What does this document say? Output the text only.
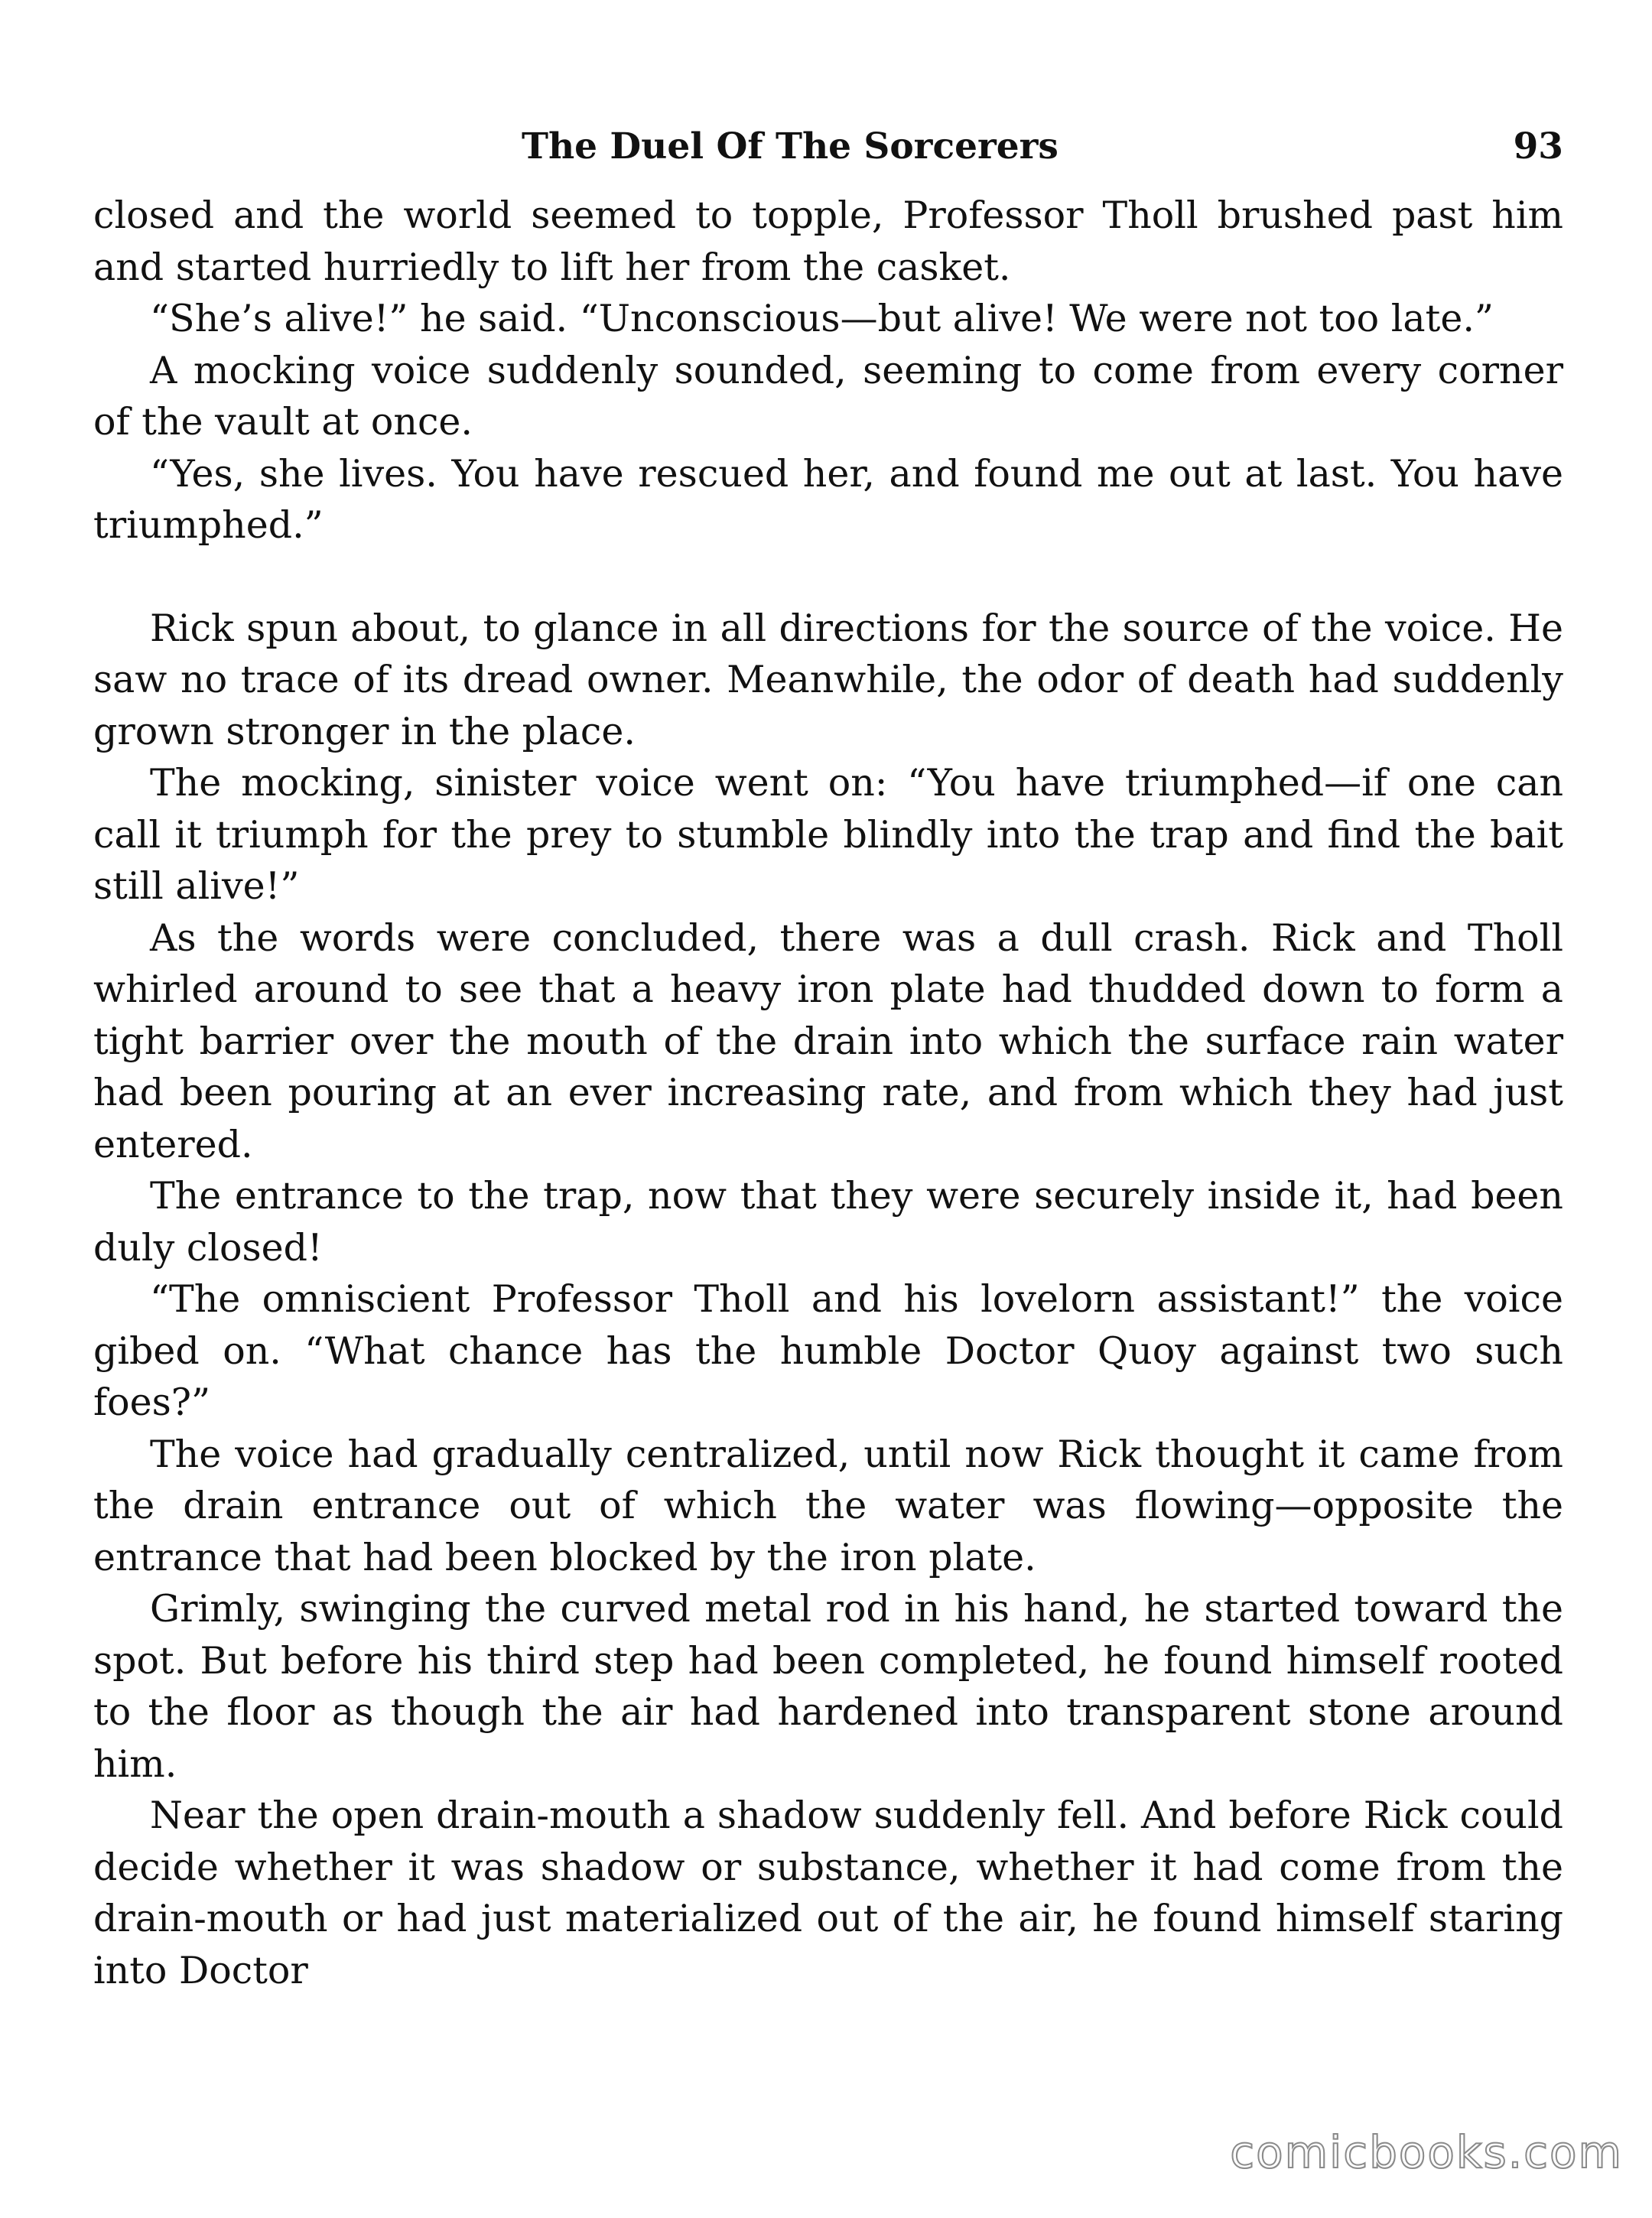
The Duel Of The Sorcerers	93

closed and the world seemed to topple, Professor Tholl brushed past him and started hurriedly to lift her from the casket.

“She’s alive!” he said. “Unconscious—but alive! We were not too late.”

A mocking voice suddenly sounded, seeming to come from every corner of the vault at once.

“Yes, she lives. You have rescued her, and found me out at last. You have triumphed.”

Rick spun about, to glance in all directions for the source of the voice. He saw no trace of its dread owner. Meanwhile, the odor of death had suddenly grown stronger in the place.

The mocking, sinister voice went on: “You have triumphed—if one can call it triumph for the prey to stumble blindly into the trap and find the bait still alive!”

As the words were concluded, there was a dull crash. Rick and Tholl whirled around to see that a heavy iron plate had thudded down to form a tight barrier over the mouth of the drain into which the surface rain water had been pouring at an ever increasing rate, and from which they had just entered.

The entrance to the trap, now that they were securely inside it, had been duly closed!

“The omniscient Professor Tholl and his lovelorn assistant!” the voice gibed on. “What chance has the humble Doctor Quoy against two such foes?”

The voice had gradually centralized, until now Rick thought it came from the drain entrance out of which the water was flowing—opposite the entrance that had been blocked by the iron plate.

Grimly, swinging the curved metal rod in his hand, he started toward the spot. But before his third step had been completed, he found himself rooted to the floor as though the air had hardened into transparent stone around him.

Near the open drain-mouth a shadow suddenly fell. And before Rick could decide whether it was shadow or substance, whether it had come from the drain-mouth or had just materialized out of the air, he found himself staring into Doctor

comicbooks.com
